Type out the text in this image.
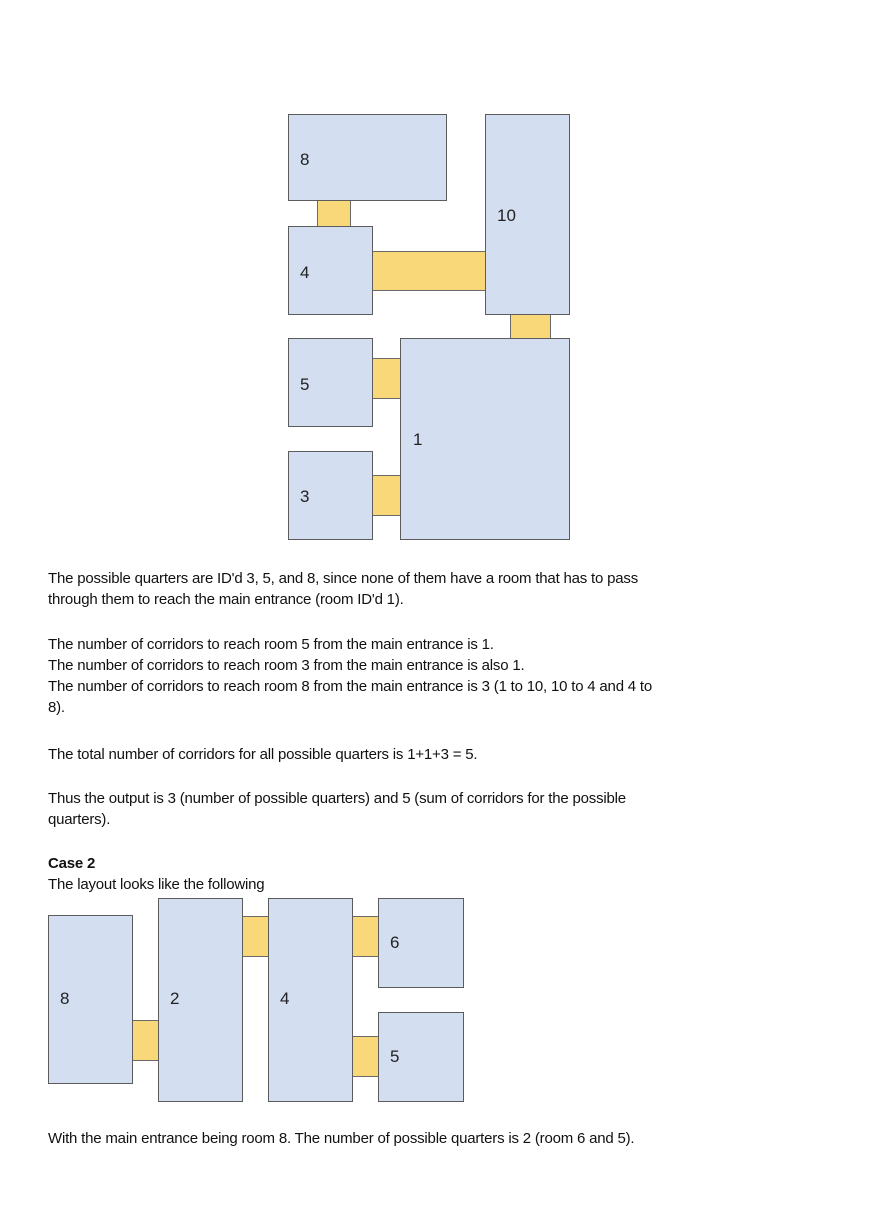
8
10
4
5
1
3
The possible quarters are ID'd 3, 5, and 8, since none of them have a room that has to pass
through them to reach the main entrance (room ID'd 1).
The number of corridors to reach room 5 from the main entrance is 1.
The number of corridors to reach room 3 from the main entrance is also 1.
The number of corridors to reach room 8 from the main entrance is 3 (1 to 10, 10 to 4 and 4 to
8).
The total number of corridors for all possible quarters is 1+1+3 = 5.
Thus the output is 3 (number of possible quarters) and 5 (sum of corridors for the possible
quarters).
Case 2
The layout looks like the following
8	2	4
6
5
With the main entrance being room 8. The number of possible quarters is 2 (room 6 and 5).
